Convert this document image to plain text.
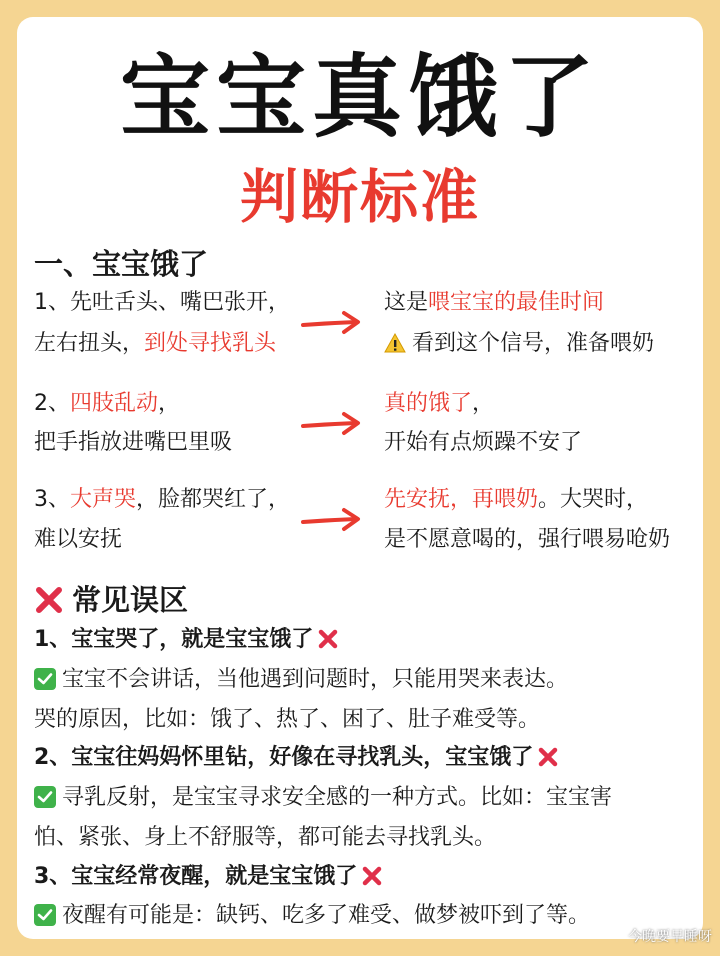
宝宝真饿了
判断标准
一、宝宝饿了
1、先吐舌头、嘴巴张开，
左右扭头，到处寻找乳头
这是喂宝宝的最佳时间
看到这个信号，准备喂奶
2、四肢乱动，
把手指放进嘴巴里吸
真的饿了，
开始有点烦躁不安了
3、大声哭，脸都哭红了，
难以安抚
先安抚，再喂奶。大哭时，
是不愿意喝的，强行喂易呛奶
常见误区
1、宝宝哭了，就是宝宝饿了
宝宝不会讲话，当他遇到问题时，只能用哭来表达。
哭的原因，比如：饿了、热了、困了、肚子难受等。
2、宝宝往妈妈怀里钻，好像在寻找乳头，宝宝饿了
寻乳反射，是宝宝寻求安全感的一种方式。比如：宝宝害
怕、紧张、身上不舒服等，都可能去寻找乳头。
3、宝宝经常夜醒，就是宝宝饿了
夜醒有可能是：缺钙、吃多了难受、做梦被吓到了等。
今晚要早睡呀
